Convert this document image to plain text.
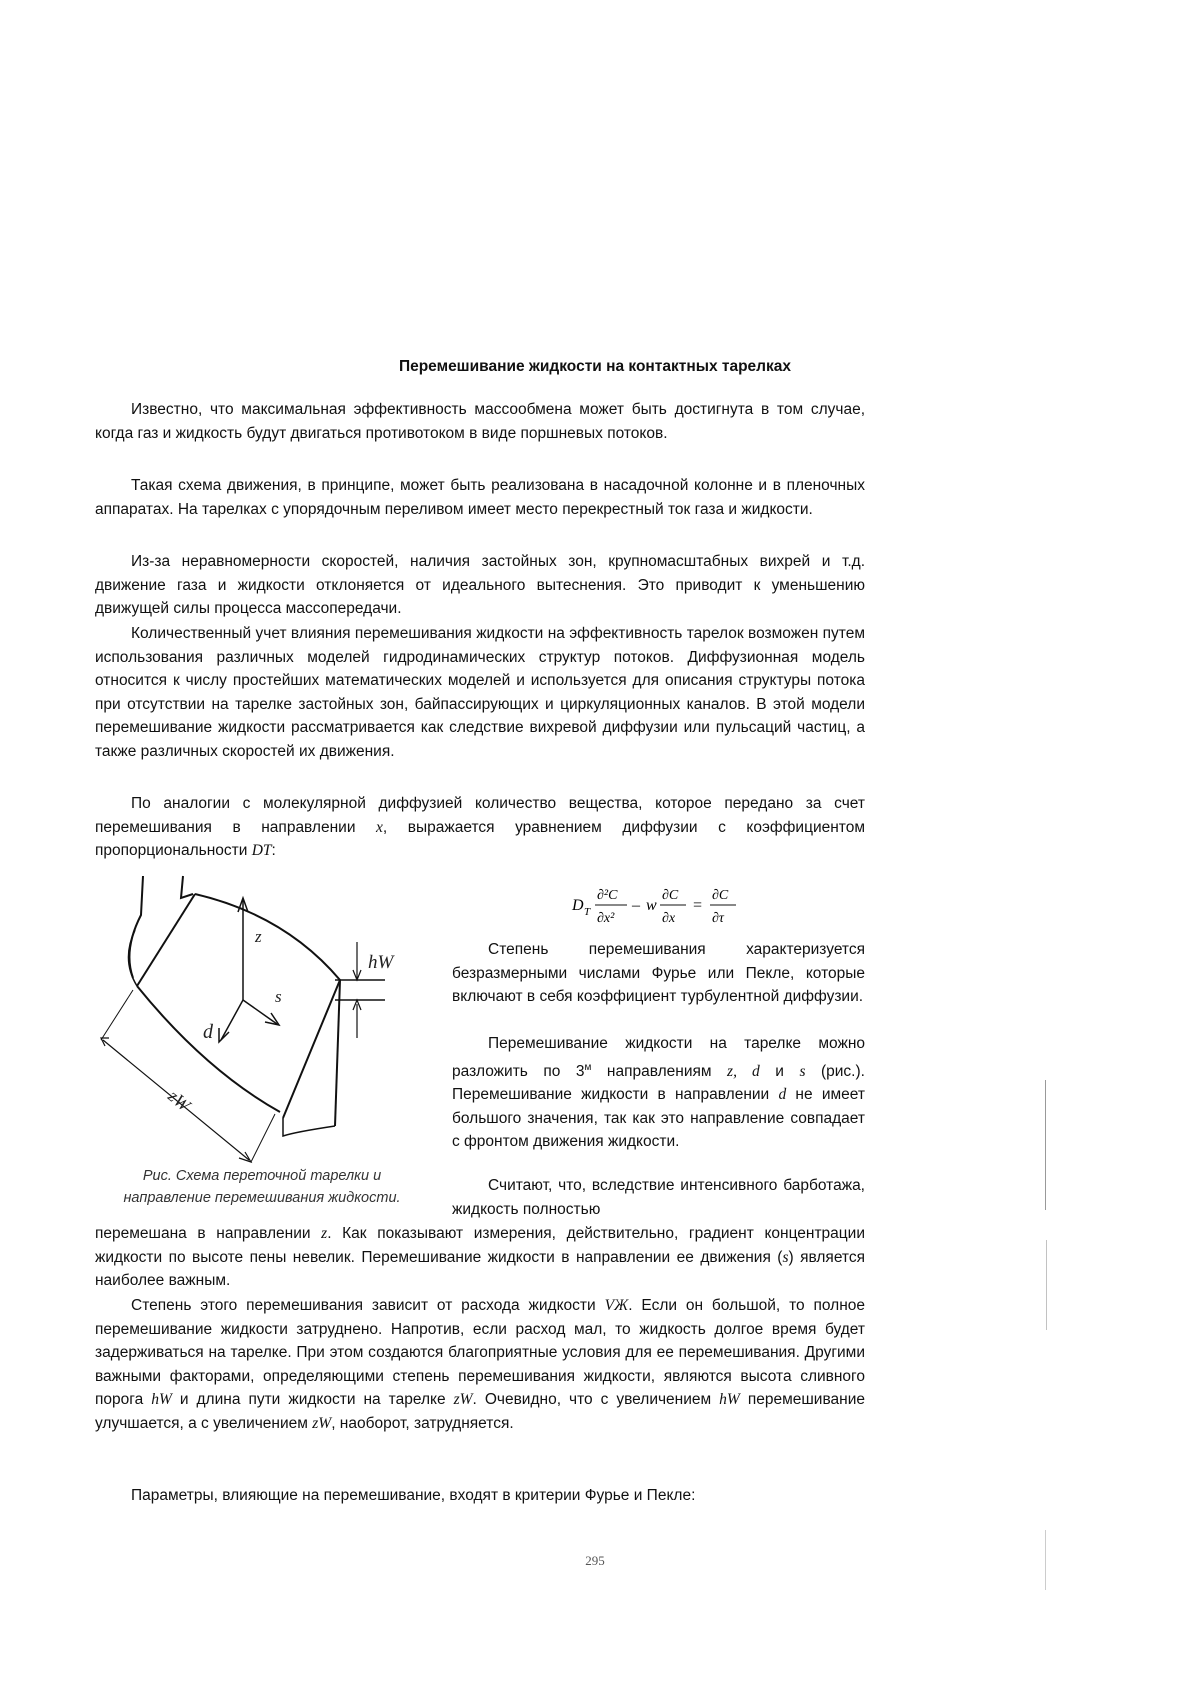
Перемешивание жидкости на контактных тарелках

Известно, что максимальная эффективность массообмена может быть достигнута в том случае, когда газ и жидкость будут двигаться противотоком в виде поршневых потоков.

Такая схема движения, в принципе, может быть реализована в насадочной колонне и в пленочных аппаратах. На тарелках с упорядочным переливом имеет место перекрестный ток газа и жидкости.

Из-за неравномерности скоростей, наличия застойных зон, крупномасштабных вихрей и т.д. движение газа и жидкости отклоняется от идеального вытеснения. Это приводит к уменьшению движущей силы процесса массопередачи.

Количественный учет влияния перемешивания жидкости на эффективность тарелок возможен путем использования различных моделей гидродинамических структур потоков. Диффузионная модель относится к числу простейших математических моделей и используется для описания структуры потока при отсутствии на тарелке застойных зон, байпассирующих и циркуляционных каналов. В этой модели перемешивание жидкости рассматривается как следствие вихревой диффузии или пульсаций частиц, а также различных скоростей их движения.

По аналогии с молекулярной диффузией количество вещества, которое передано за счет перемешивания в направлении x, выражается уравнением диффузии с коэффициентом пропорциональности DT:

D T
∂²C
∂x²
– w
∂C
∂x
=
∂C
∂τ
z
d
s
hW
zW
Рис. Схема переточной тарелки и
направление перемешивания жидкости.

Степень перемешивания характеризуется безразмерными числами Фурье или Пекле, которые включают в себя коэффициент турбулентной диффузии.

Перемешивание жидкости на тарелке можно разложить по $3^м$ направлениям z, d и s (рис.). Перемешивание жидкости в направлении d не имеет большого значения, так как это направление совпадает с фронтом движения жидкости.

Считают, что, вследствие интенсивного барботажа, жидкость полностью

перемешана в направлении z. Как показывают измерения, действительно, градиент концентрации жидкости по высоте пены невелик. Перемешивание жидкости в направлении ее движения (s) является наиболее важным.

Степень этого перемешивания зависит от расхода жидкости VЖ. Если он большой, то полное перемешивание жидкости затруднено. Напротив, если расход мал, то жидкость долгое время будет задерживаться на тарелке. При этом создаются благоприятные условия для ее перемешивания. Другими важными факторами, определяющими степень перемешивания жидкости, являются высота сливного порога hW и длина пути жидкости на тарелке zW. Очевидно, что с увеличением hW перемешивание улучшается, а с увеличением zW, наоборот, затрудняется.

Параметры, влияющие на перемешивание, входят в критерии Фурье и Пекле:

295
